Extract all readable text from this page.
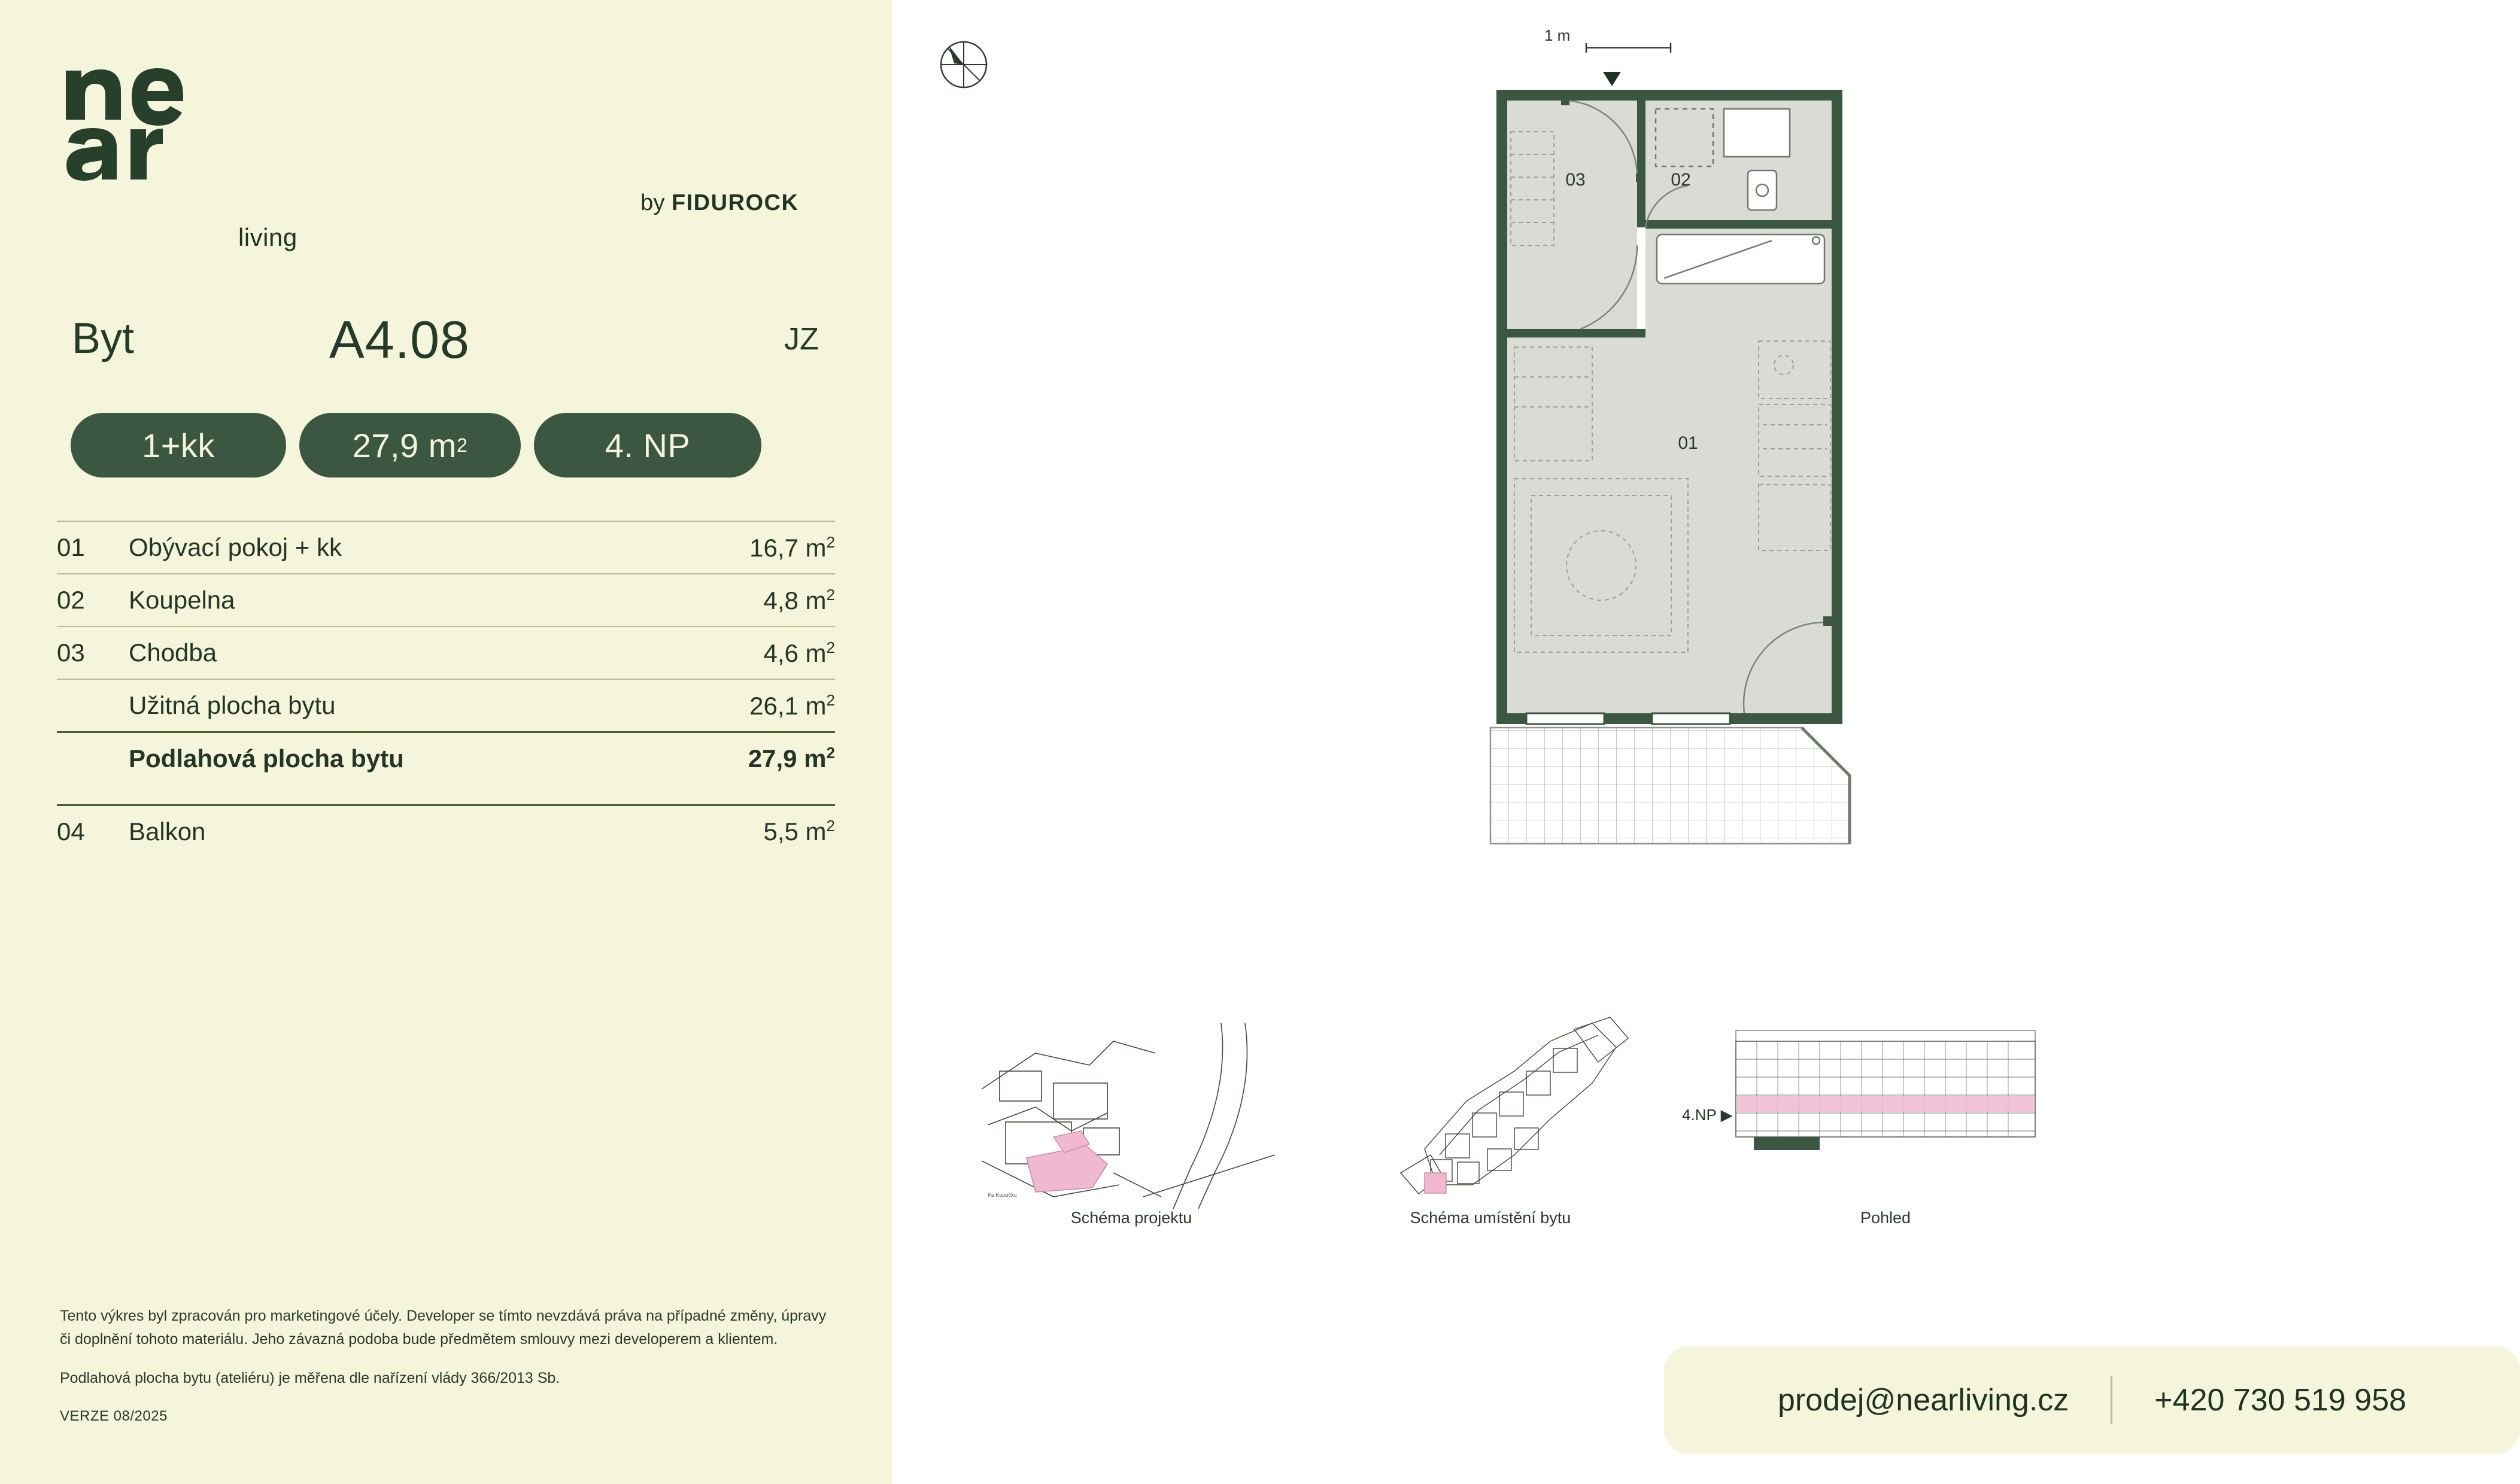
living
by FIDUROCK
Byt	A4.08	JZ
1+kk	27,9 m 2	4. NP
01	Obývací pokoj + kk	16,7 $m^2$
02	Koupelna	4,8 $m^2$
03	Chodba	4,6 $m^2$
Užitná plocha bytu	26,1 $m^2$
Podlahová plocha bytu	27,9 $m^2$
04	Balkon	5,5 $m^2$

Tento výkres byl zpracován pro marketingové účely. Developer se tímto nevzdává práva na případné změny, úpravy či doplnění tohoto materiálu. Jeho závazná podoba bude předmětem smlouvy mezi developerem a klientem.

Podlahová plocha bytu (ateliéru) je měřena dle nařízení vlády 366/2013 Sb.

VERZE 08/2025
1 m
03	02
01
Ke Kopečku
4.NP ▶
Schéma projektu	Schéma umístění bytu	Pohled
prodej@nearliving.cz	+420 730 519 958
